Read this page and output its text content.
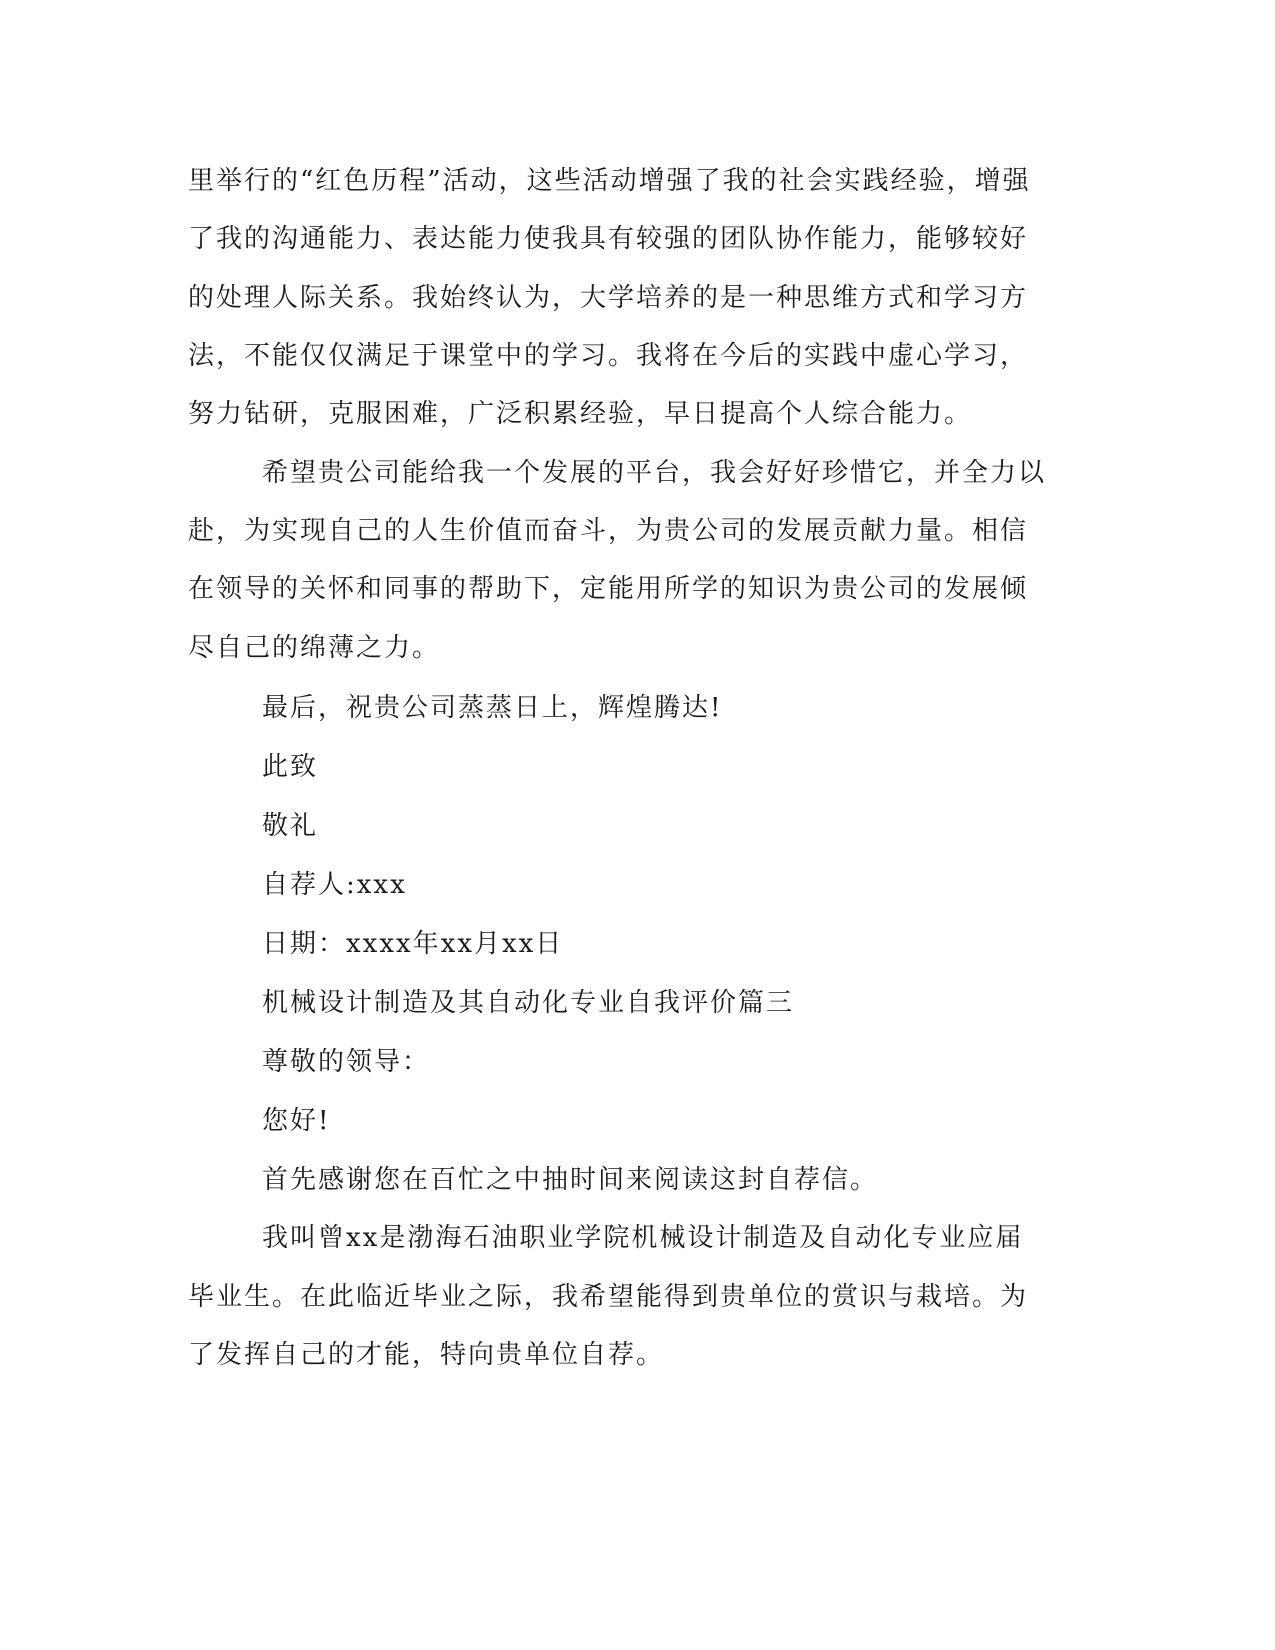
里举行的“红色历程”活动，这些活动增强了我的社会实践经验，增强

了我的沟通能力、表达能力使我具有较强的团队协作能力，能够较好

的处理人际关系。我始终认为，大学培养的是一种思维方式和学习方

法，不能仅仅满足于课堂中的学习。我将在今后的实践中虚心学习，

努力钻研，克服困难，广泛积累经验，早日提高个人综合能力。

希望贵公司能给我一个发展的平台，我会好好珍惜它，并全力以

赴，为实现自己的人生价值而奋斗，为贵公司的发展贡献力量。相信

在领导的关怀和同事的帮助下，定能用所学的知识为贵公司的发展倾

尽自己的绵薄之力。

最后，祝贵公司蒸蒸日上，辉煌腾达!

此致

敬礼

自荐人:xxx

日期：xxxx年xx月xx日

机械设计制造及其自动化专业自我评价篇三

尊敬的领导：

您好!

首先感谢您在百忙之中抽时间来阅读这封自荐信。

我叫曾xx是渤海石油职业学院机械设计制造及自动化专业应届

毕业生。在此临近毕业之际，我希望能得到贵单位的赏识与栽培。为

了发挥自己的才能，特向贵单位自荐。
